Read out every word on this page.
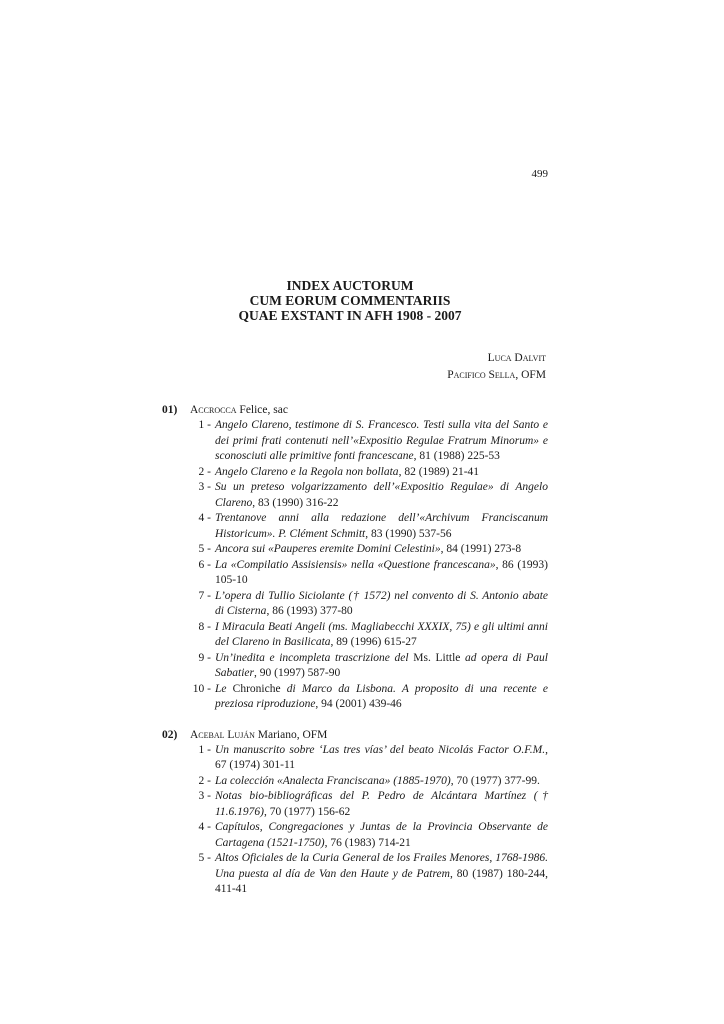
499
INDEX AUCTORUM
CUM EORUM COMMENTARIIS
QUAE EXSTANT IN AFH 1908 - 2007
Luca Dalvit
Pacifico Sella, OFM
01) Accrocca Felice, sac
1 - Angelo Clareno, testimone di S. Francesco. Testi sulla vita del Santo e dei primi frati contenuti nell’«Expositio Regulae Fratrum Minorum» e sconosciuti alle primitive fonti francescane, 81 (1988) 225-53
2 - Angelo Clareno e la Regola non bollata, 82 (1989) 21-41
3 - Su un preteso volgarizzamento dell’«Expositio Regulae» di Angelo Clareno, 83 (1990) 316-22
4 - Trentanove anni alla redazione dell’«Archivum Franciscanum Historicum». P. Clément Schmitt, 83 (1990) 537-56
5 - Ancora sui «Pauperes eremite Domini Celestini», 84 (1991) 273-8
6 - La «Compilatio Assisiensis» nella «Questione francescana», 86 (1993) 105-10
7 - L’opera di Tullio Siciolante († 1572) nel convento di S. Antonio abate di Cisterna, 86 (1993) 377-80
8 - I Miracula Beati Angeli (ms. Magliabecchi XXXIX, 75) e gli ultimi anni del Clareno in Basilicata, 89 (1996) 615-27
9 - Un’inedita e incompleta trascrizione del Ms. Little ad opera di Paul Sabatier, 90 (1997) 587-90
10 - Le Chroniche di Marco da Lisbona. A proposito di una recente e preziosa riproduzione, 94 (2001) 439-46
02) Acebal Luján Mariano, OFM
1 - Un manuscrito sobre ‘Las tres vías’ del beato Nicolás Factor O.F.M., 67 (1974) 301-11
2 - La colección «Analecta Franciscana» (1885-1970), 70 (1977) 377-99.
3 - Notas bio-bibliográficas del P. Pedro de Alcántara Martínez († 11.6.1976), 70 (1977) 156-62
4 - Capítulos, Congregaciones y Juntas de la Provincia Observante de Cartagena (1521-1750), 76 (1983) 714-21
5 - Altos Oficiales de la Curia General de los Frailes Menores, 1768-1986. Una puesta al día de Van den Haute y de Patrem, 80 (1987) 180-244, 411-41
